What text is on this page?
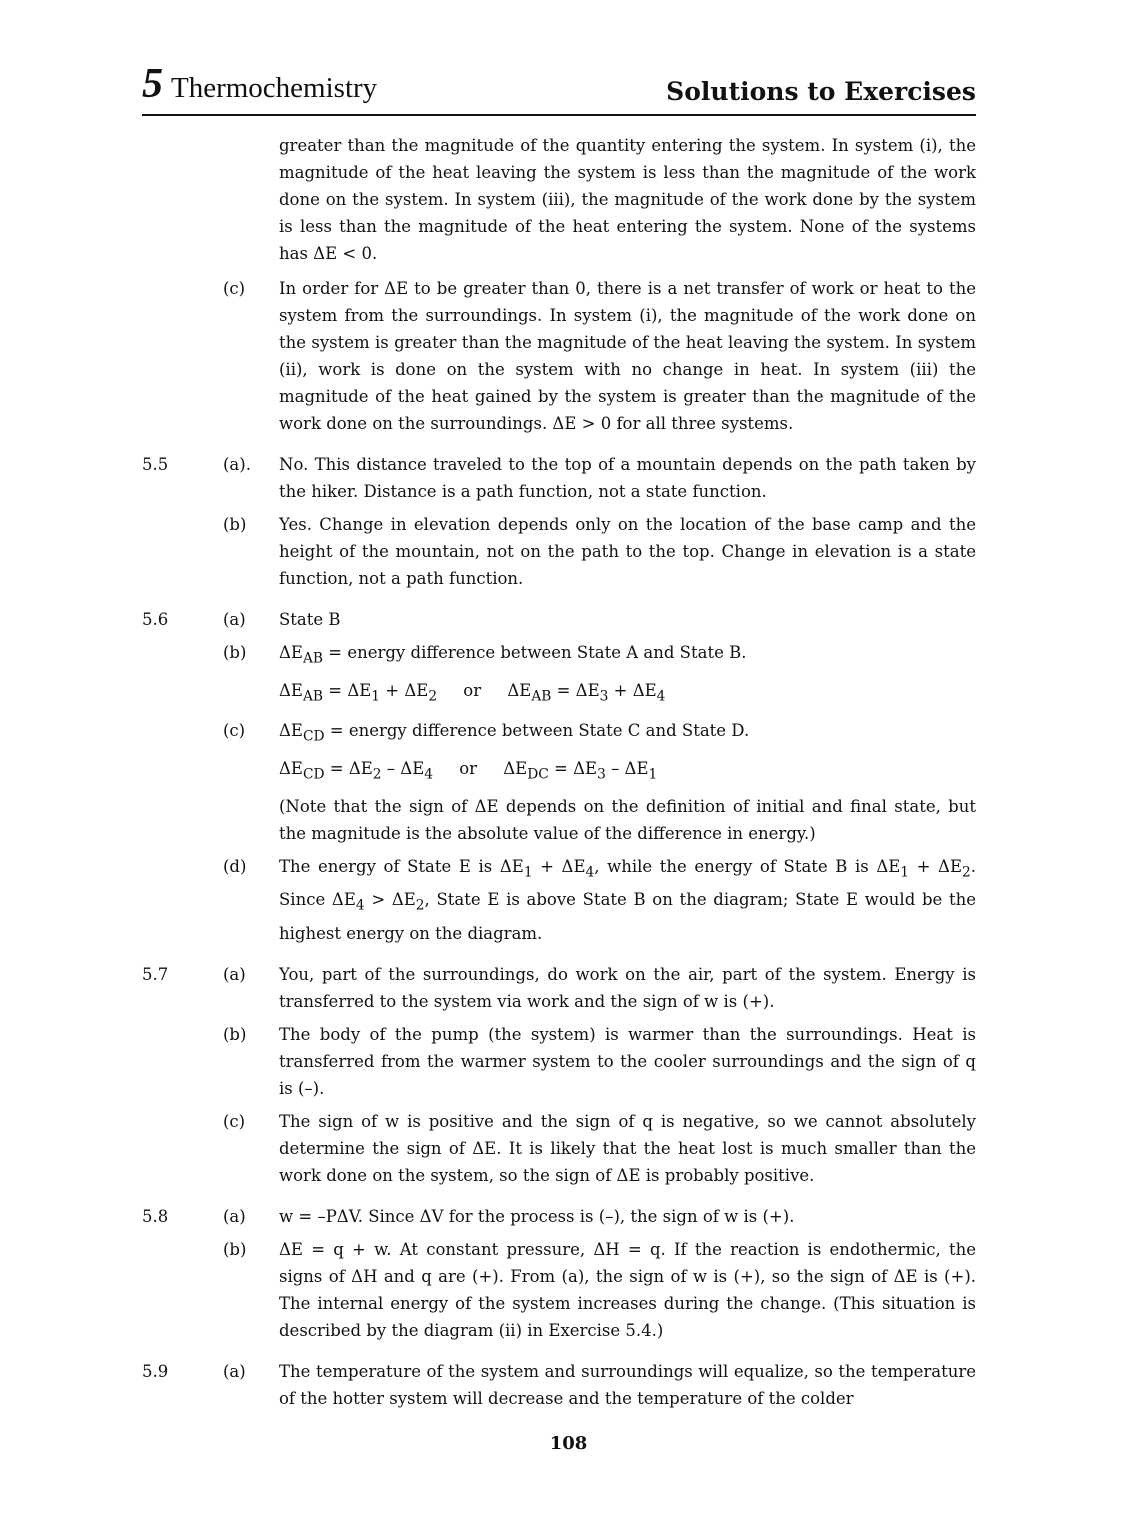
5 Thermochemistry	Solutions to Exercises
greater than the magnitude of the quantity entering the system. In system (i), the magnitude of the heat leaving the system is less than the magnitude of the work done on the system. In system (iii), the magnitude of the work done by the system is less than the magnitude of the heat entering the system. None of the systems has ΔE < 0.
(c)	In order for ΔE to be greater than 0, there is a net transfer of work or heat to the system from the surroundings. In system (i), the magnitude of the work done on the system is greater than the magnitude of the heat leaving the system. In system (ii), work is done on the system with no change in heat. In system (iii) the magnitude of the heat gained by the system is greater than the magnitude of the work done on the surroundings. ΔE > 0 for all three systems.

5.5	(a).	No. This distance traveled to the top of a mountain depends on the path taken by the hiker. Distance is a path function, not a state function.

(b)	Yes. Change in elevation depends only on the location of the base camp and the height of the mountain, not on the path to the top. Change in elevation is a state function, not a path function.

5.6	(a)	State B

(b)	$\Delta E_{AB}$ = energy difference between State A and State B.

$\Delta E_{AB} = \Delta E_1 + \Delta E_2$     or     $\Delta E_{AB} = \Delta E_3 + \Delta E_4$

(c)	$\Delta E_{CD}$ = energy difference between State C and State D.

$\Delta E_{CD} = \Delta E_2 - \Delta E_4$     or     $\Delta E_{DC} = \Delta E_3 - \Delta E_1$

(Note that the sign of ΔE depends on the definition of initial and final state, but the magnitude is the absolute value of the difference in energy.)

(d)	The energy of State E is $\Delta E_1 + \Delta E_4$, while the energy of State B is $\Delta E_1 + \Delta E_2$. Since $\Delta E_4 > \Delta E_2$, State E is above State B on the diagram; State E would be the highest energy on the diagram.

5.7	(a)	You, part of the surroundings, do work on the air, part of the system. Energy is transferred to the system via work and the sign of w is (+).

(b)	The body of the pump (the system) is warmer than the surroundings. Heat is transferred from the warmer system to the cooler surroundings and the sign of q is (–).

(c)	The sign of w is positive and the sign of q is negative, so we cannot absolutely determine the sign of ΔE. It is likely that the heat lost is much smaller than the work done on the system, so the sign of ΔE is probably positive.

5.8	(a)	w = –PΔV. Since ΔV for the process is (–), the sign of w is (+).

(b)	ΔE = q + w. At constant pressure, ΔH = q. If the reaction is endothermic, the signs of ΔH and q are (+). From (a), the sign of w is (+), so the sign of ΔE is (+). The internal energy of the system increases during the change. (This situation is described by the diagram (ii) in Exercise 5.4.)

5.9	(a)	The temperature of the system and surroundings will equalize, so the temperature of the hotter system will decrease and the temperature of the colder

108
